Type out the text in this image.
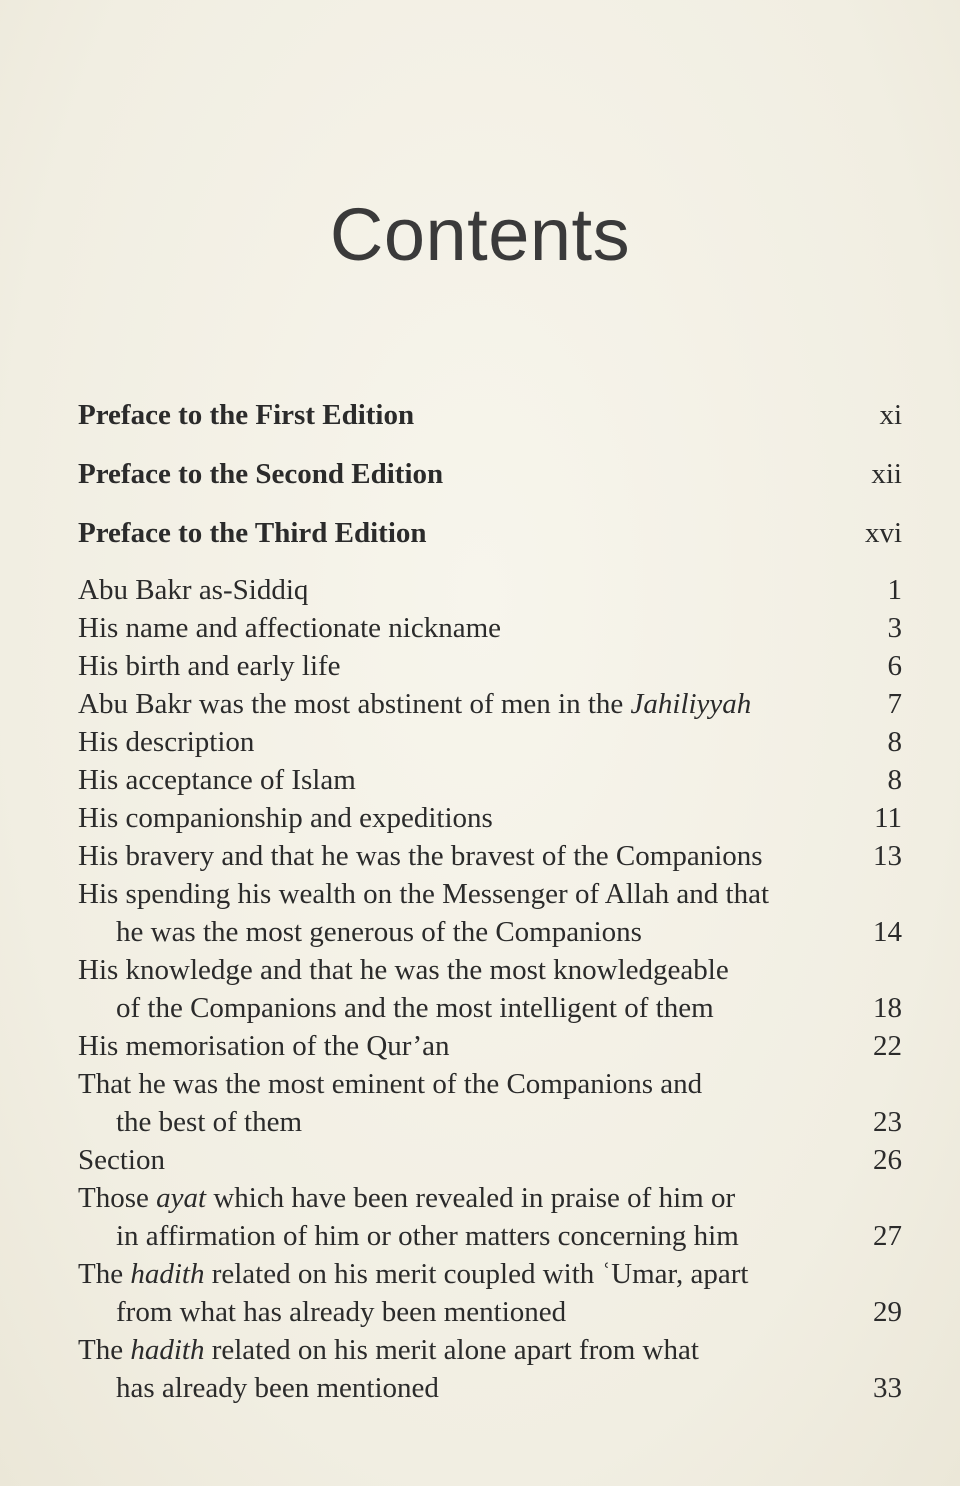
Contents
Preface to the First Edition	xi
Preface to the Second Edition	xii
Preface to the Third Edition	xvi
Abu Bakr as-Siddiq	1
His name and affectionate nickname	3
His birth and early life	6
Abu Bakr was the most abstinent of men in the Jahiliyyah	7
His description	8
His acceptance of Islam	8
His companionship and expeditions	11
His bravery and that he was the bravest of the Companions	13
His spending his wealth on the Messenger of Allah and that
he was the most generous of the Companions	14
His knowledge and that he was the most knowledgeable
of the Companions and the most intelligent of them	18
His memorisation of the Qur’an	22
That he was the most eminent of the Companions and
the best of them	23
Section	26
Those ayat which have been revealed in praise of him or
in affirmation of him or other matters concerning him	27
The hadith related on his merit coupled with ʿUmar, apart
from what has already been mentioned	29
The hadith related on his merit alone apart from what
has already been mentioned	33
